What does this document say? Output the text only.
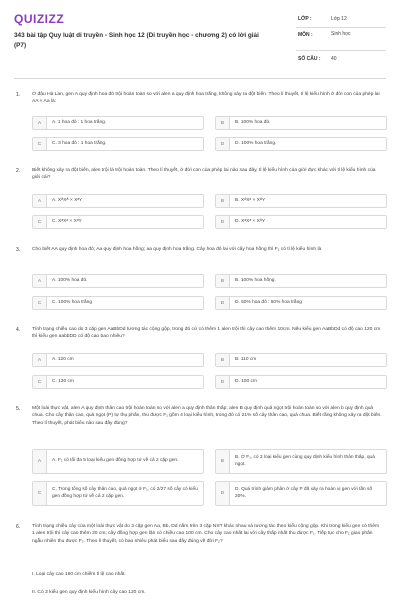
QUIZIZZ
343 bài tập Quy luật di truyền - Sinh học 12 (Di truyền học - chương 2) có lời giải (P7)
LỚP :	Lớp 12
MÔN :	Sinh học
SỐ CÂU : 40
1. Ở đậu Hà Lan, gen A quy định hoa đỏ trội hoàn toàn so với alen a quy định hoa trắng, không xảy ra đột biến. Theo lí thuyết, tỉ lệ kiểu hình ở đời con của phép lai AA × Aa là:
A	A. 1 hoa đỏ : 1 hoa trắng.	B	B. 100% hoa đỏ.
C	C. 3 hoa đỏ : 1 hoa trắng.	D	D. 100% hoa trắng.
2. Biết không xảy ra đột biến, alen trội là trội hoàn toàn. Theo lí thuyết, ở đời con của phép lai nào sau đây, tỉ lệ kiểu hình của giới đực khác với tỉ lệ kiểu hình của giới cái?
A	A. XᴬXᴬ × XᵃY	B	B. XᴬXᵃ × XᴬY
C	C. XᵃXᵃ × XᵃY	D	D. XᵃXᵃ × XᴬY
3. Cho biết AA quy định hoa đỏ; Aa quy định hoa hồng; aa quy định hoa trắng. Cây hoa đỏ lai với cây hoa hồng thì F₁ có tỉ lệ kiểu hình là
A	A. 100% hoa đỏ.	B	B. 100% hoa hồng.
C	C. 100% hoa trắng	D	D. 50% hoa đỏ : 50% hoa trắng
4. Tính trạng chiều cao do 3 cặp gen AaBbDd tương tác cộng gộp, trong đó cứ có thêm 1 alen trội thì cây cao thêm 10cm. Nếu kiểu gen AaBbDd có độ cao 120 cm thì kiểu gen aabbDD có độ cao bao nhiêu?
A	A. 120 cm	B	B. 110 cm
C	C. 130 cm	D	D. 100 cm
5. Một loài thực vật, alen A quy định thân cao trội hoàn toàn so với alen a quy định thân thấp; alen B quy định quả ngọt trội hoàn toàn so với alen b quy định quả chua. Cho cây thân cao, quả ngọt (P) tự thụ phấn, thu được F₁ gồm 4 loại kiểu hình, trong đó có 21% số cây thân cao, quả chua. Biết rằng không xảy ra đột biến. Theo lí thuyết, phát biểu nào sau đây đúng?
A	A. F₁ có tối đa 5 loại kiểu gen đồng hợp tử về cả 2 cặp gen.	B
B. Ở F₁, có 3 loại kiểu gen cùng quy định kiểu hình thân thấp, quả ngọt.
C
C. Trong tổng số cây thân cao, quả ngọt ở F₁, có 2/27 số cây có kiểu gen đồng hợp tử về cả 2 cặp gen.	D
D. Quá trình giảm phân ở cây P đã xảy ra hoán vị gen với tần số 20%.
6. Tính trạng chiều cây của một loài thực vật do 3 cặp gen Aa, Bb, Dd nằm trên 3 cặp NST khác nhau và tương tác theo kiểu cộng gộp. Khi trong kiểu gen có thêm 1 alen trội thì cây cao thêm 20 cm; cây đồng hợp gen lặn có chiều cao 100 cm. Cho cây cao nhất lai với cây thấp nhất thu được F₁. Tiếp tục cho F₁ giao phấn ngẫu nhiên thu được F₂. Theo lí thuyết, có bao nhiêu phát biểu sau đây đúng về đời F₂?
I. Loại cây cao 160 cm chiếm tỉ lệ cao nhất.
II. Có 3 kiểu gen quy định kiểu hình cây cao 120 cm.
